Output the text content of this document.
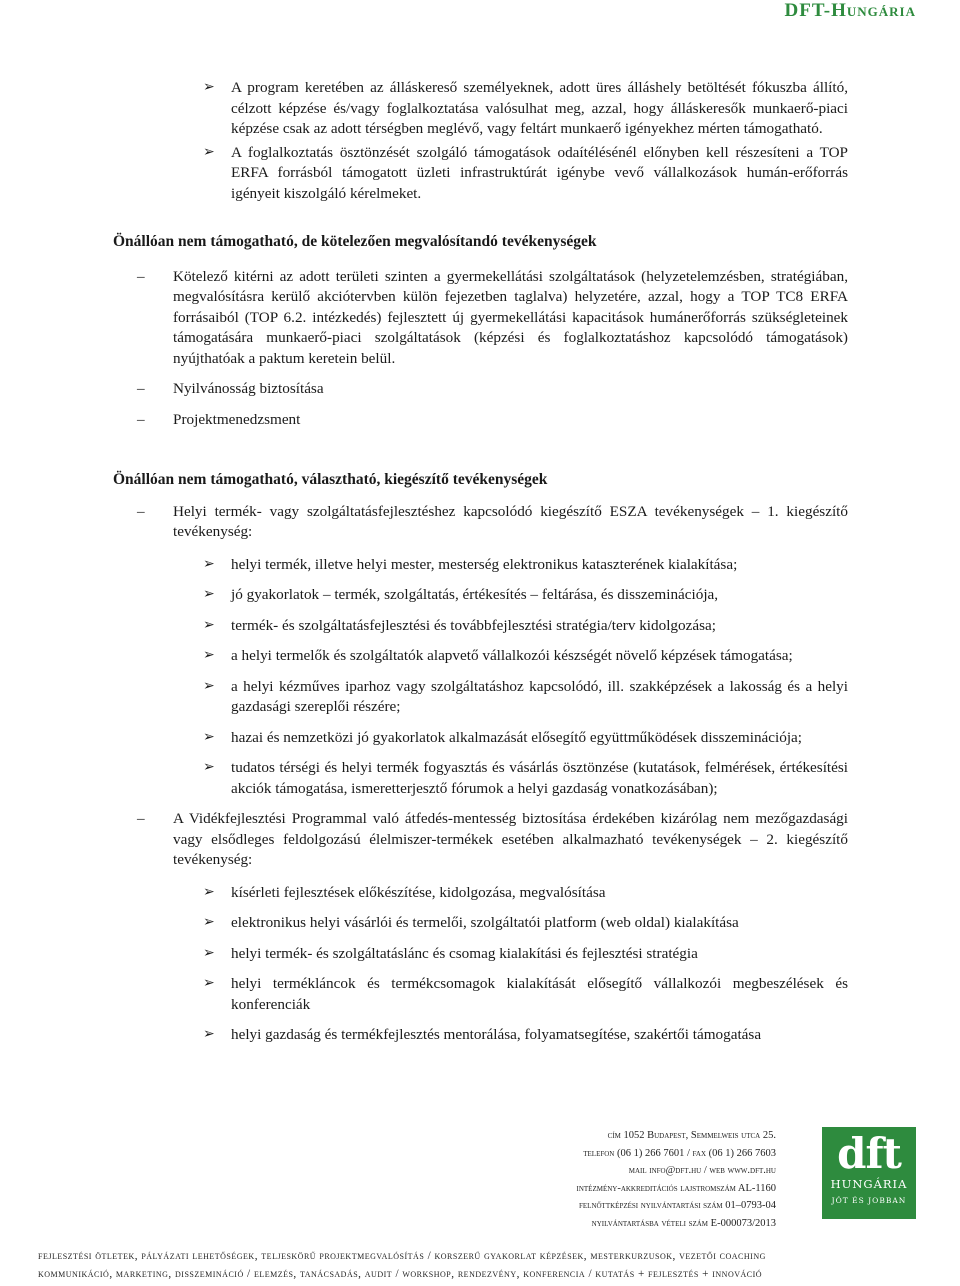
DFT-Hungária
➢ A program keretében az álláskereső személyeknek, adott üres álláshely betöltését fókuszba állító, célzott képzése és/vagy foglalkoztatása valósulhat meg, azzal, hogy álláskeresők munkaerő-piaci képzése csak az adott térségben meglévő, vagy feltárt munkaerő igényekhez mérten támogatható.
➢ A foglalkoztatás ösztönzését szolgáló támogatások odaítélésénél előnyben kell részesíteni a TOP ERFA forrásból támogatott üzleti infrastruktúrát igénybe vevő vállalkozások humán-erőforrás igényeit kiszolgáló kérelmeket.
Önállóan nem támogatható, de kötelezően megvalósítandó tevékenységek
– Kötelező kitérni az adott területi szinten a gyermekellátási szolgáltatások (helyzetelemzésben, stratégiában, megvalósításra kerülő akciótervben külön fejezetben taglalva) helyzetére, azzal, hogy a TOP TC8 ERFA forrásaiból (TOP 6.2. intézkedés) fejlesztett új gyermekellátási kapacitások humánerőforrás szükségleteinek támogatására munkaerő-piaci szolgáltatások (képzési és foglalkoztatáshoz kapcsolódó támogatások) nyújthatóak a paktum keretein belül.
– Nyilvánosság biztosítása
– Projektmenedzsment
Önállóan nem támogatható, választható, kiegészítő tevékenységek
– Helyi termék- vagy szolgáltatásfejlesztéshez kapcsolódó kiegészítő ESZA tevékenységek – 1. kiegészítő tevékenység:
➢ helyi termék, illetve helyi mester, mesterség elektronikus kataszterének kialakítása;
➢ jó gyakorlatok – termék, szolgáltatás, értékesítés – feltárása, és disszeminációja,
➢ termék- és szolgáltatásfejlesztési és továbbfejlesztési stratégia/terv kidolgozása;
➢ a helyi termelők és szolgáltatók alapvető vállalkozói készségét növelő képzések támogatása;
➢ a helyi kézműves iparhoz vagy szolgáltatáshoz kapcsolódó, ill. szakképzések a lakosság és a helyi gazdasági szereplői részére;
➢ hazai és nemzetközi jó gyakorlatok alkalmazását elősegítő együttműködések disszeminációja;
➢ tudatos térségi és helyi termék fogyasztás és vásárlás ösztönzése (kutatások, felmérések, értékesítési akciók támogatása, ismeretterjesztő fórumok a helyi gazdaság vonatkozásában);
– A Vidékfejlesztési Programmal való átfedés-mentesség biztosítása érdekében kizárólag nem mezőgazdasági vagy elsődleges feldolgozású élelmiszer-termékek esetében alkalmazható tevékenységek – 2. kiegészítő tevékenység:
➢ kísérleti fejlesztések előkészítése, kidolgozása, megvalósítása
➢ elektronikus helyi vásárlói és termelői, szolgáltatói platform (web oldal) kialakítása
➢ helyi termék- és szolgáltatáslánc és csomag kialakítási és fejlesztési stratégia
➢ helyi termékláncok és termékcsomagok kialakítását elősegítő vállalkozói megbeszélések és konferenciák
➢ helyi gazdaság és termékfejlesztés mentorálása, folyamatsegítése, szakértői támogatása
cím 1052 Budapest, Semmelweis utca 25.
telefon (06 1) 266 7601 / fax (06 1) 266 7603
mail info@dft.hu / web www.dft.hu
intézmény-akkreditációs lajstromszám AL-1160
felnőttképzési nyilvántartási szám 01–0793-04
nyilvántartásba vételi szám E-000073/2013
dft
HUNGÁRIA
JÓT ÉS JOBBAN
fejlesztési ötletek, pályázati lehetőségek, teljeskörű projektmegvalósítás / korszerű gyakorlat képzések, mesterkurzusok, vezetői coaching
kommunikáció, marketing, disszemináció / elemzés, tanácsadás, audit / workshop, rendezvény, konferencia / kutatás + fejlesztés + innováció
